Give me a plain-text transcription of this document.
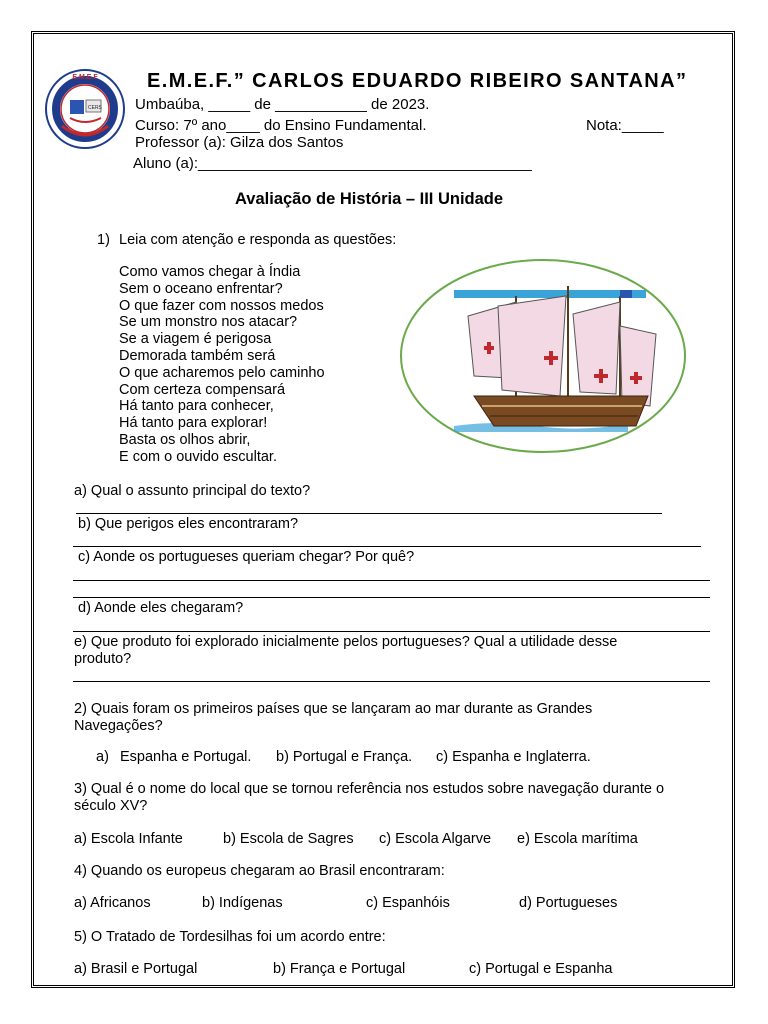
E.M.E.F
CERS
E.M.E.F.” CARLOS EDUARDO RIBEIRO SANTANA”
Umbaúba, _____ de ___________ de 2023.
Curso: 7º ano____ do Ensino Fundamental.	Nota:_____
Professor (a): Gilza dos Santos
Aluno (a):________________________________________
Avaliação de História – III Unidade
1) Leia com atenção e responda as questões:
Como vamos chegar à Índia
Sem o oceano enfrentar?
O que fazer com nossos medos
Se um monstro nos atacar?
Se a viagem é perigosa
Demorada também será
O que acharemos pelo caminho
Com certeza compensará
Há tanto para conhecer,
Há tanto para explorar!
Basta os olhos abrir,
E com o ouvido escultar.
a) Qual o assunto principal do texto?
b) Que perigos eles encontraram?
c) Aonde os portugueses queriam chegar? Por quê?
d) Aonde eles chegaram?
e) Que produto foi explorado inicialmente pelos portugueses? Qual a utilidade desse
produto?
2) Quais foram os primeiros países que se lançaram ao mar durante as Grandes
Navegações?
a) Espanha e Portugal. b) Portugal e França. c) Espanha e Inglaterra.
3) Qual é o nome do local que se tornou referência nos estudos sobre navegação durante o
século XV?
a) Escola Infante	b) Escola de Sagres c) Escola Algarve e) Escola marítima
4) Quando os europeus chegaram ao Brasil encontraram:
a) Africanos	b) Indígenas	c) Espanhóis	d) Portugueses
5) O Tratado de Tordesilhas foi um acordo entre:
a) Brasil e Portugal	b) França e Portugal	c) Portugal e Espanha
